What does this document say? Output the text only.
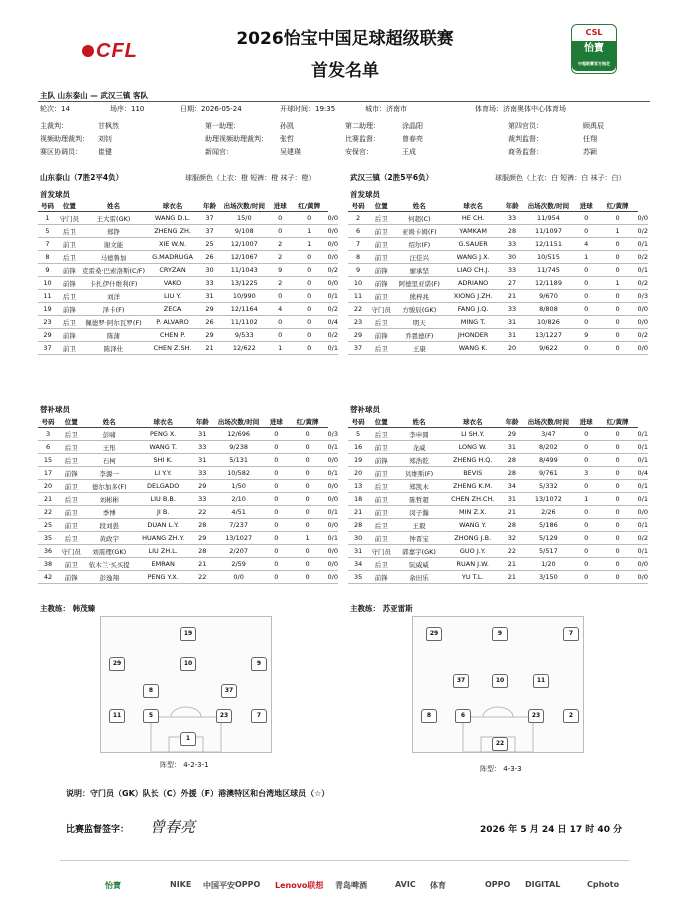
CFL
CSL
怡寶
中超联赛官方指定
2026怡宝中国足球超级联赛
首发名单
主队 山东泰山 — 武汉三镇 客队
轮次：14	场序：110	日期：2026-05-24	开球时间：19:35	城市：济南市	体育场：济南奥体中心体育场
主裁判：	甘枫然	第一助理：	孙凯	第二助理：	涂晶阳	第四官员：	顾禹辰
视频助理裁判： 刘钊	助理视频助理裁判： 张哲	比赛监督：	曾春亮	裁判监督：	任翔
赛区协调员： 崔键	新闻官：	吴建瑛	安保官：	王成	商务监督：	苏颖
山东泰山（7胜2平4负）	球服颜色（上衣：橙 短裤：橙 袜子：橙）	武汉三镇（2胜5平6负）	球服颜色（上衣：白 短裤：白 袜子：白）
首发球员	首发球员
号码	位置	姓名	球衣名	年龄	出场次数/时间	进球	红/黄牌	
1	守门员	王大雷(GK)	WANG D.L.	37	15/0	0	0	0/0
5	后卫	郑铮	ZHENG ZH.	37	9/108	0	1	0/0
7	前卫	谢文能	XIE W.N.	25	12/1007	2	1	0/0
8	后卫	马德鲁加	G.MADRUGA	26	12/1067	2	0	0/0
9	前锋	克雷桑·巴索洛斯(C/F)	CRYZAN	30	11/1043	9	0	0/2
10	前锋	卡扎伊什维利(F)	VAKO	33	13/1225	2	0	0/0
11	后卫	刘洋	LIU Y.	31	10/990	0	0	0/1
19	前锋	泽卡(F)	ZECA	29	12/1164	4	0	0/2
23	后卫	佩德罗·阿尔瓦罗(F)	P. ALVARO	26	11/1102	0	0	0/4
29	前锋	陈蒲	CHEN P.	29	9/533	0	0	0/2
37	前卫	陈泽仕	CHEN Z.SH.	21	12/622	1	0	0/1
号码	位置	姓名	球衣名	年龄	出场次数/时间	进球	红/黄牌	
2	后卫	何超(C)	HE CH.	33	11/954	0	0	0/0
6	前卫	亚姆卡姆(F)	YAMKAM	28	11/1097	0	1	0/2
7	前卫	绍尔(F)	G.SAUER	33	12/1151	4	0	0/1
8	前卫	汪佳兴	WANG J.X.	30	10/515	1	0	0/2
9	前锋	廖承坚	LIAO CH.J.	33	11/745	0	0	0/1
10	前锋	阿德里亚诺(F)	ADRIANO	27	12/1189	0	1	0/2
11	前卫	熊梓兆	XIONG J.ZH.	21	9/670	0	0	0/3
22	守门员	方骏辰(GK)	FANG J.Q.	33	8/808	0	0	0/0
23	后卫	明天	MING T.	31	10/826	0	0	0/0
29	前锋	乔恩德(F)	JHONDER	31	13/1227	9	0	0/2
37	后卫	王康	WANG K.	20	9/622	0	0	0/0
替补球员	替补球员
号码	位置	姓名	球衣名	年龄	出场次数/时间	进球	红/黄牌	
3	后卫	彭啸	PENG X.	31	12/696	0	0	0/3
6	后卫	王彤	WANG T.	33	9/238	0	0	0/1
15	后卫	石柯	SHI K.	31	5/131	0	0	0/0
17	前锋	李源一	LI Y.Y.	33	10/582	0	0	0/1
20	前卫	德尔加多(F)	DELGADO	29	1/50	0	0	0/0
21	后卫	刘彬彬	LIU B.B.	33	2/10	0	0	0/0
22	前卫	季博	JI B.	22	4/51	0	0	0/1
25	前卫	段刘愚	DUAN L.Y.	28	7/237	0	0	0/0
35	后卫	黄政宇	HUANG ZH.Y.	29	13/1027	0	1	0/1
36	守门员	刘震理(GK)	LIU ZH.L.	28	2/207	0	0	0/0
38	前卫	依木兰·买买提	EMRAN	21	2/59	0	0	0/0
42	前锋	彭逸翔	PENG Y.X.	22	0/0	0	0	0/0
号码	位置	姓名	球衣名	年龄	出场次数/时间	进球	红/黄牌	
5	后卫	李申圆	LI SH.Y.	29	3/47	0	0	0/1
16	前卫	龙威	LONG W.	31	8/202	0	0	0/1
19	前锋	郑浩乾	ZHENG H.Q.	28	8/499	0	0	0/1
20	前卫	贝维斯(F)	BEVIS	28	9/761	3	0	0/4
13	后卫	郑凯木	ZHENG K.M.	34	5/332	0	0	0/1
18	前卫	陈哲超	CHEN ZH.CH.	31	13/1072	1	0	0/1
21	前卫	闵子瀚	MIN Z.X.	21	2/26	0	0	0/0
28	后卫	王毅	WANG Y.	28	5/186	0	0	0/1
30	前卫	钟晋宝	ZHONG J.B.	32	5/129	0	0	0/2
31	守门员	郭嘉宇(GK)	GUO J.Y.	22	5/517	0	0	0/1
34	后卫	阮威威	RUAN J.W.	21	1/20	0	0	0/0
35	前锋	余田乐	YU T.L.	21	3/150	0	0	0/0
主教练： 韩茂臻	主教练： 苏亚雷斯
19
29	10	9
8	37
11	5	23	7
1
9
29	7
37	10	11
8	6	23	2
22
阵型： 4-2-3-1	阵型： 4-3-3
说明：守门员（GK）队长（C）外援（F）港澳特区和台湾地区球员（☆）
比赛监督签字： 曾春亮	2026 年 5 月 24 日 17 时 40 分
怡寶	NIKE 中国平安 OPPO Lenovo联想 青岛啤酒	AVIC 体育	OPPO DIGITAL	Cphoto
